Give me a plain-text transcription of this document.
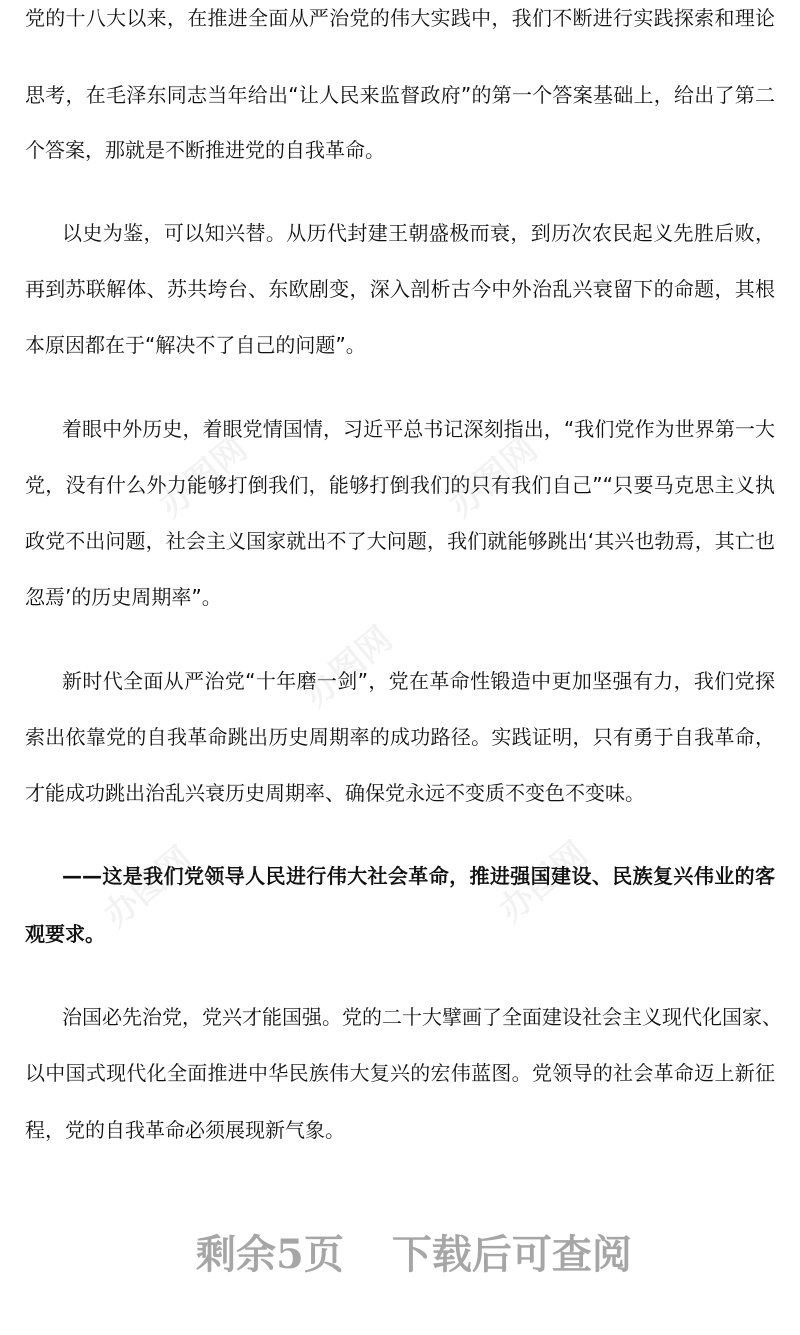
办图网	办图网
办图网
办图网
办图网
党的十八大以来，在推进全面从严治党的伟大实践中，我们不断进行实践探索和理论
思考，在毛泽东同志当年给出“让人民来监督政府”的第一个答案基础上，给出了第二
个答案，那就是不断推进党的自我革命。
以史为鉴，可以知兴替。从历代封建王朝盛极而衰，到历次农民起义先胜后败，
再到苏联解体、苏共垮台、东欧剧变，深入剖析古今中外治乱兴衰留下的命题，其根
本原因都在于“解决不了自己的问题”。
着眼中外历史，着眼党情国情，习近平总书记深刻指出，“我们党作为世界第一大
党，没有什么外力能够打倒我们，能够打倒我们的只有我们自己”“只要马克思主义执
政党不出问题，社会主义国家就出不了大问题，我们就能够跳出‘其兴也勃焉，其亡也
忽焉’的历史周期率”。
新时代全面从严治党“十年磨一剑”，党在革命性锻造中更加坚强有力，我们党探
索出依靠党的自我革命跳出历史周期率的成功路径。实践证明，只有勇于自我革命，
才能成功跳出治乱兴衰历史周期率、确保党永远不变质不变色不变味。
——这是我们党领导人民进行伟大社会革命，推进强国建设、民族复兴伟业的客
观要求。
治国必先治党，党兴才能国强。党的二十大擘画了全面建设社会主义现代化国家、
以中国式现代化全面推进中华民族伟大复兴的宏伟蓝图。党领导的社会革命迈上新征
程，党的自我革命必须展现新气象。
剩余5页 下载后可查阅
